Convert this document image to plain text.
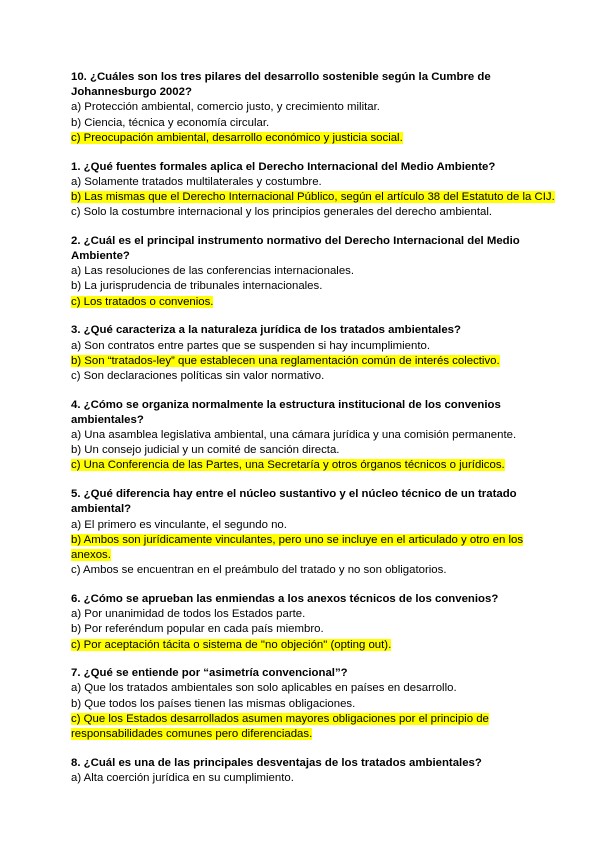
10. ¿Cuáles son los tres pilares del desarrollo sostenible según la Cumbre de Johannesburgo 2002?

a) Protección ambiental, comercio justo, y crecimiento militar.

b) Ciencia, técnica y economía circular.

c) Preocupación ambiental, desarrollo económico y justicia social.

1. ¿Qué fuentes formales aplica el Derecho Internacional del Medio Ambiente?

a) Solamente tratados multilaterales y costumbre.

b) Las mismas que el Derecho Internacional Público, según el artículo 38 del Estatuto de la CIJ.

c) Solo la costumbre internacional y los principios generales del derecho ambiental.

2. ¿Cuál es el principal instrumento normativo del Derecho Internacional del Medio Ambiente?

a) Las resoluciones de las conferencias internacionales.

b) La jurisprudencia de tribunales internacionales.

c) Los tratados o convenios.

3. ¿Qué caracteriza a la naturaleza jurídica de los tratados ambientales?

a) Son contratos entre partes que se suspenden si hay incumplimiento.

b) Son “tratados-ley” que establecen una reglamentación común de interés colectivo.

c) Son declaraciones políticas sin valor normativo.

4. ¿Cómo se organiza normalmente la estructura institucional de los convenios ambientales?

a) Una asamblea legislativa ambiental, una cámara jurídica y una comisión permanente.

b) Un consejo judicial y un comité de sanción directa.

c) Una Conferencia de las Partes, una Secretaría y otros órganos técnicos o jurídicos.

5. ¿Qué diferencia hay entre el núcleo sustantivo y el núcleo técnico de un tratado ambiental?

a) El primero es vinculante, el segundo no.

b) Ambos son jurídicamente vinculantes, pero uno se incluye en el articulado y otro en los anexos.

c) Ambos se encuentran en el preámbulo del tratado y no son obligatorios.

6. ¿Cómo se aprueban las enmiendas a los anexos técnicos de los convenios?

a) Por unanimidad de todos los Estados parte.

b) Por referéndum popular en cada país miembro.

c) Por aceptación tácita o sistema de "no objeción" (opting out).

7. ¿Qué se entiende por “asimetría convencional”?

a) Que los tratados ambientales son solo aplicables en países en desarrollo.

b) Que todos los países tienen las mismas obligaciones.

c) Que los Estados desarrollados asumen mayores obligaciones por el principio de responsabilidades comunes pero diferenciadas.

8. ¿Cuál es una de las principales desventajas de los tratados ambientales?

a) Alta coerción jurídica en su cumplimiento.
